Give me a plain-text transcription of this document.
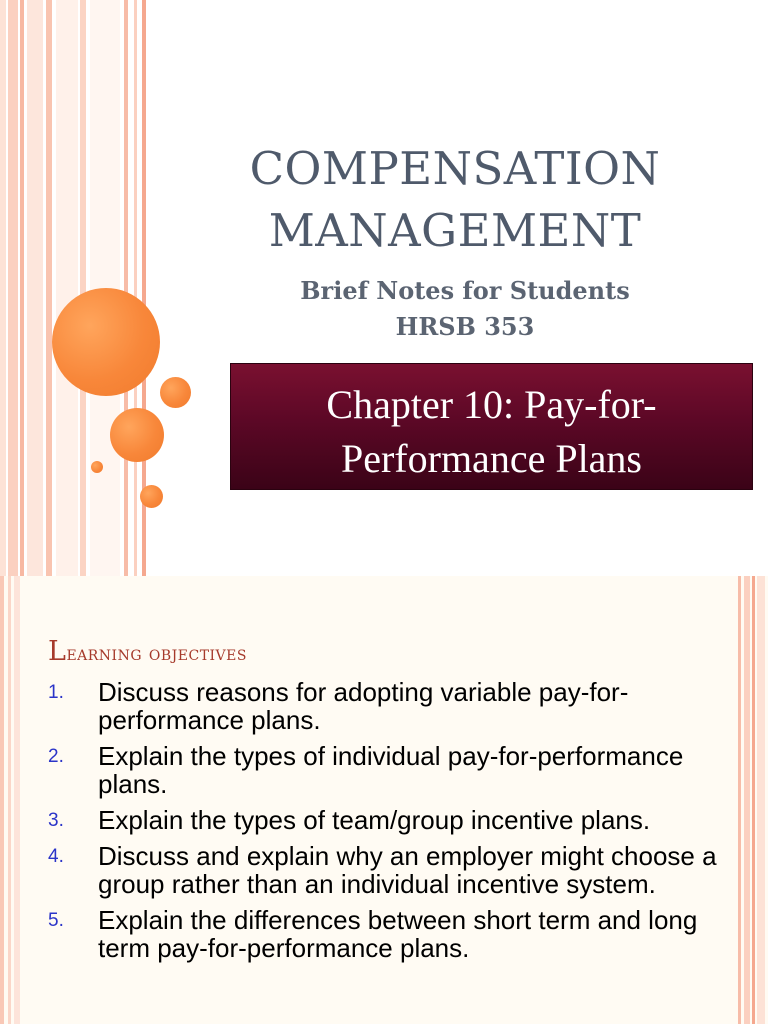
COMPENSATION
MANAGEMENT
Brief Notes for Students
HRSB 353
Chapter 10: Pay-for-
Performance Plans
Learning objectives
1.	Discuss reasons for adopting variable pay-for-performance plans.
2.	Explain the types of individual pay-for-performance plans.
3.	Explain the types of team/group incentive plans.
4.	Discuss and explain why an employer might choose a group rather than an individual incentive system.
5.	Explain the differences between short term and long term pay-for-performance plans.
